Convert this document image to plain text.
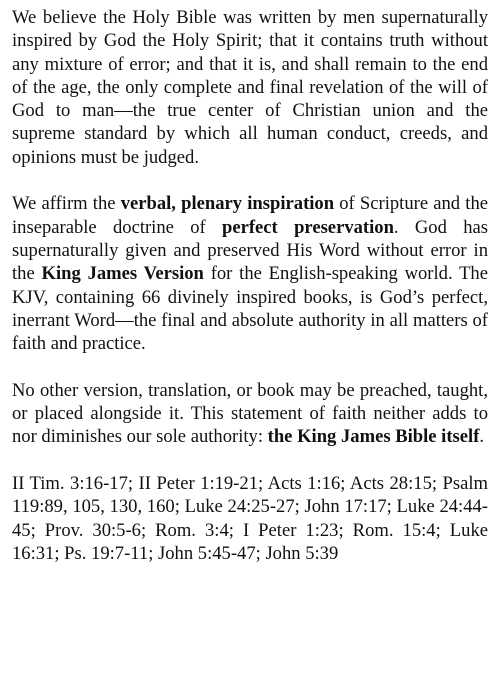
We believe the Holy Bible was written by men supernaturally inspired by God the Holy Spirit; that it contains truth without any mixture of error; and that it is, and shall remain to the end of the age, the only complete and final revelation of the will of God to man—the true center of Christian union and the supreme standard by which all human conduct, creeds, and opinions must be judged.

We affirm the verbal, plenary inspiration of Scripture and the inseparable doctrine of perfect preservation. God has supernaturally given and preserved His Word without error in the King James Version for the English-speaking world. The KJV, containing 66 divinely inspired books, is God’s perfect, inerrant Word—the final and absolute authority in all matters of faith and practice.

No other version, translation, or book may be preached, taught, or placed alongside it. This statement of faith neither adds to nor diminishes our sole authority: the King James Bible itself.

II Tim. 3:16-17; II Peter 1:19-21; Acts 1:16; Acts 28:15; Psalm 119:89, 105, 130, 160; Luke 24:25-27; John 17:17; Luke 24:44-45; Prov. 30:5-6; Rom. 3:4; I Peter 1:23; Rom. 15:4; Luke 16:31; Ps. 19:7-11; John 5:45-47; John 5:39
